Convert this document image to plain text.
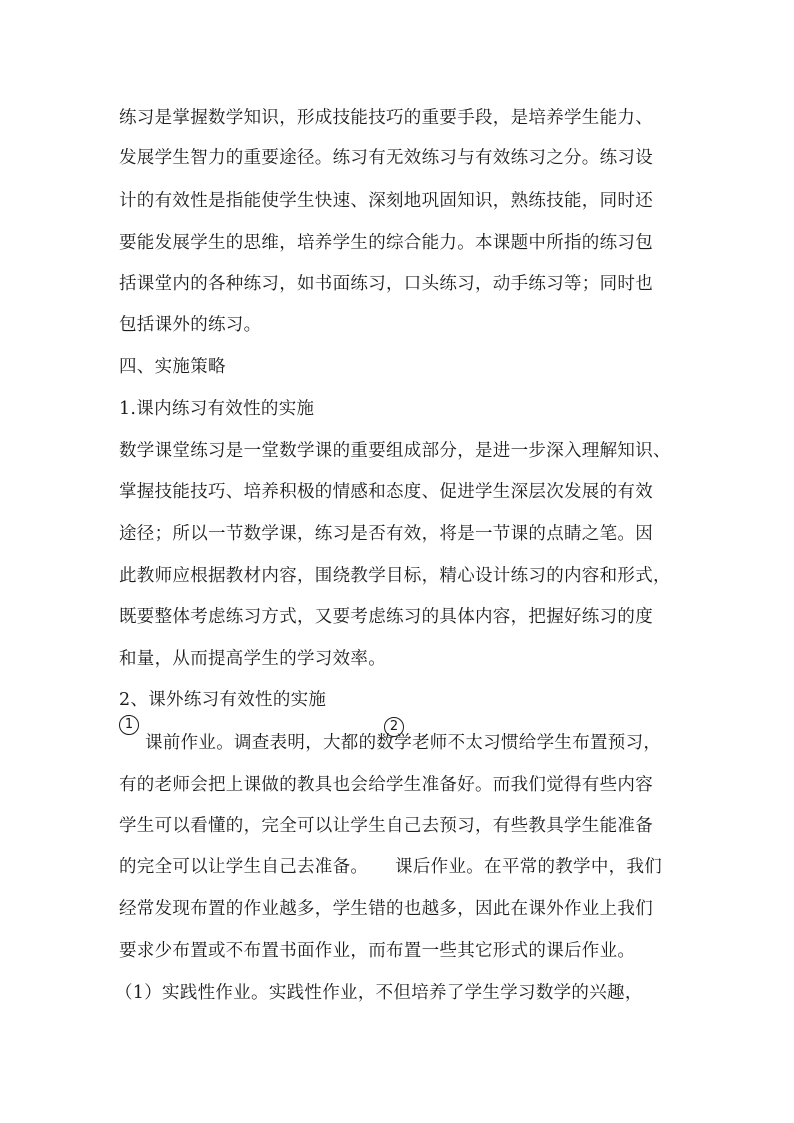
练习是掌握数学知识，形成技能技巧的重要手段，是培养学生能力、
发展学生智力的重要途径。练习有无效练习与有效练习之分。练习设
计的有效性是指能使学生快速、深刻地巩固知识，熟练技能，同时还
要能发展学生的思维，培养学生的综合能力。本课题中所指的练习包
括课堂内的各种练习，如书面练习，口头练习，动手练习等；同时也
包括课外的练习。
四、实施策略
1.课内练习有效性的实施
数学课堂练习是一堂数学课的重要组成部分，是进一步深入理解知识、
掌握技能技巧、培养积极的情感和态度、促进学生深层次发展的有效
途径；所以一节数学课，练习是否有效，将是一节课的点睛之笔。因
此教师应根据教材内容，围绕教学目标，精心设计练习的内容和形式，
既要整体考虑练习方式，又要考虑练习的具体内容，把握好练习的度
和量，从而提高学生的学习效率。
2、课外练习有效性的实施
1	2
课前作业。调查表明，大都的数学老师不太习惯给学生布置预习，
有的老师会把上课做的教具也会给学生准备好。而我们觉得有些内容
学生可以看懂的，完全可以让学生自己去预习，有些教具学生能准备
的完全可以让学生自己去准备。　　课后作业。在平常的教学中，我们
经常发现布置的作业越多，学生错的也越多，因此在课外作业上我们
要求少布置或不布置书面作业，而布置一些其它形式的课后作业。
（1）实践性作业。实践性作业，不但培养了学生学习数学的兴趣，
